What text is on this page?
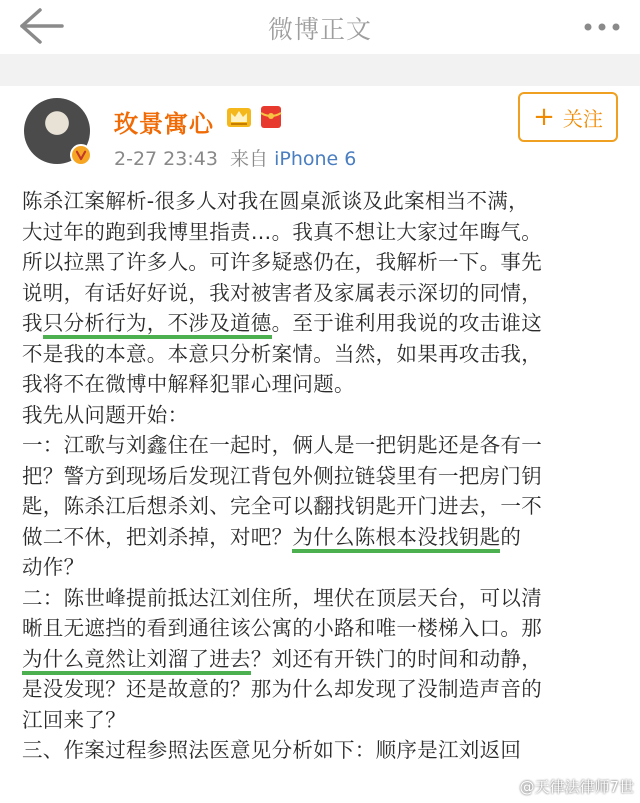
微博正文
玫景寓心
2-27 23:43 来自 iPhone 6
+ 关注

陈杀江案解析-很多人对我在圆桌派谈及此案相当不满，

大过年的跑到我博里指责…。我真不想让大家过年晦气。

所以拉黑了许多人。可许多疑惑仍在，我解析一下。事先

说明，有话好好说，我对被害者及家属表示深切的同情，

我只分析行为，不涉及道德。至于谁利用我说的攻击谁这

不是我的本意。本意只分析案情。当然，如果再攻击我，

我将不在微博中解释犯罪心理问题。

我先从问题开始：

一：江歌与刘鑫住在一起时，俩人是一把钥匙还是各有一

把？警方到现场后发现江背包外侧拉链袋里有一把房门钥

匙，陈杀江后想杀刘、完全可以翻找钥匙开门进去，一不

做二不休，把刘杀掉，对吧？为什么陈根本没找钥匙的

动作？

二：陈世峰提前抵达江刘住所，埋伏在顶层天台，可以清

晰且无遮挡的看到通往该公寓的小路和唯一楼梯入口。那

为什么竟然让刘溜了进去？刘还有开铁门的时间和动静，

是没发现？还是故意的？那为什么却发现了没制造声音的

江回来了？

三、作案过程参照法医意见分析如下：顺序是江刘返回

@天律法律师7世
